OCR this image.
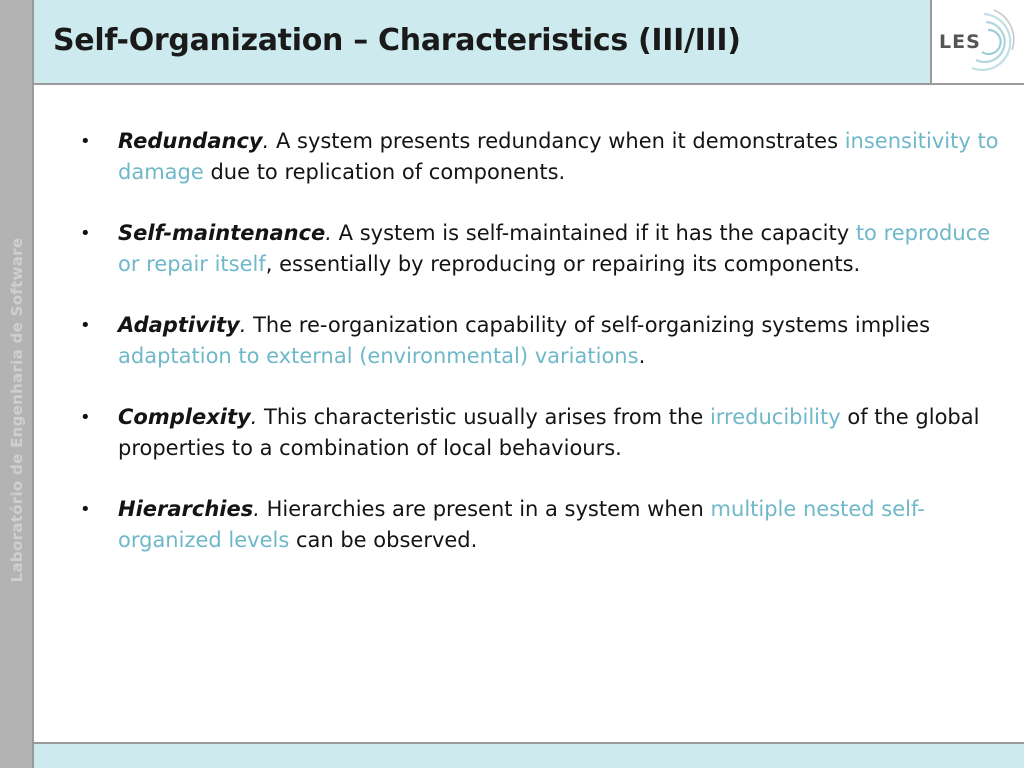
Laboratório de Engenharia de Software
Self-Organization – Characteristics (III/III)	LES
• Redundancy. A system presents redundancy when it demonstrates insensitivity to damage due to replication of components.
• Self-maintenance. A system is self-maintained if it has the capacity to reproduce or repair itself, essentially by reproducing or repairing its components.
• Adaptivity. The re-organization capability of self-organizing systems implies adaptation to external (environmental) variations.
• Complexity. This characteristic usually arises from the irreducibility of the global properties to a combination of local behaviours.
• Hierarchies. Hierarchies are present in a system when multiple nested self-organized levels can be observed.
